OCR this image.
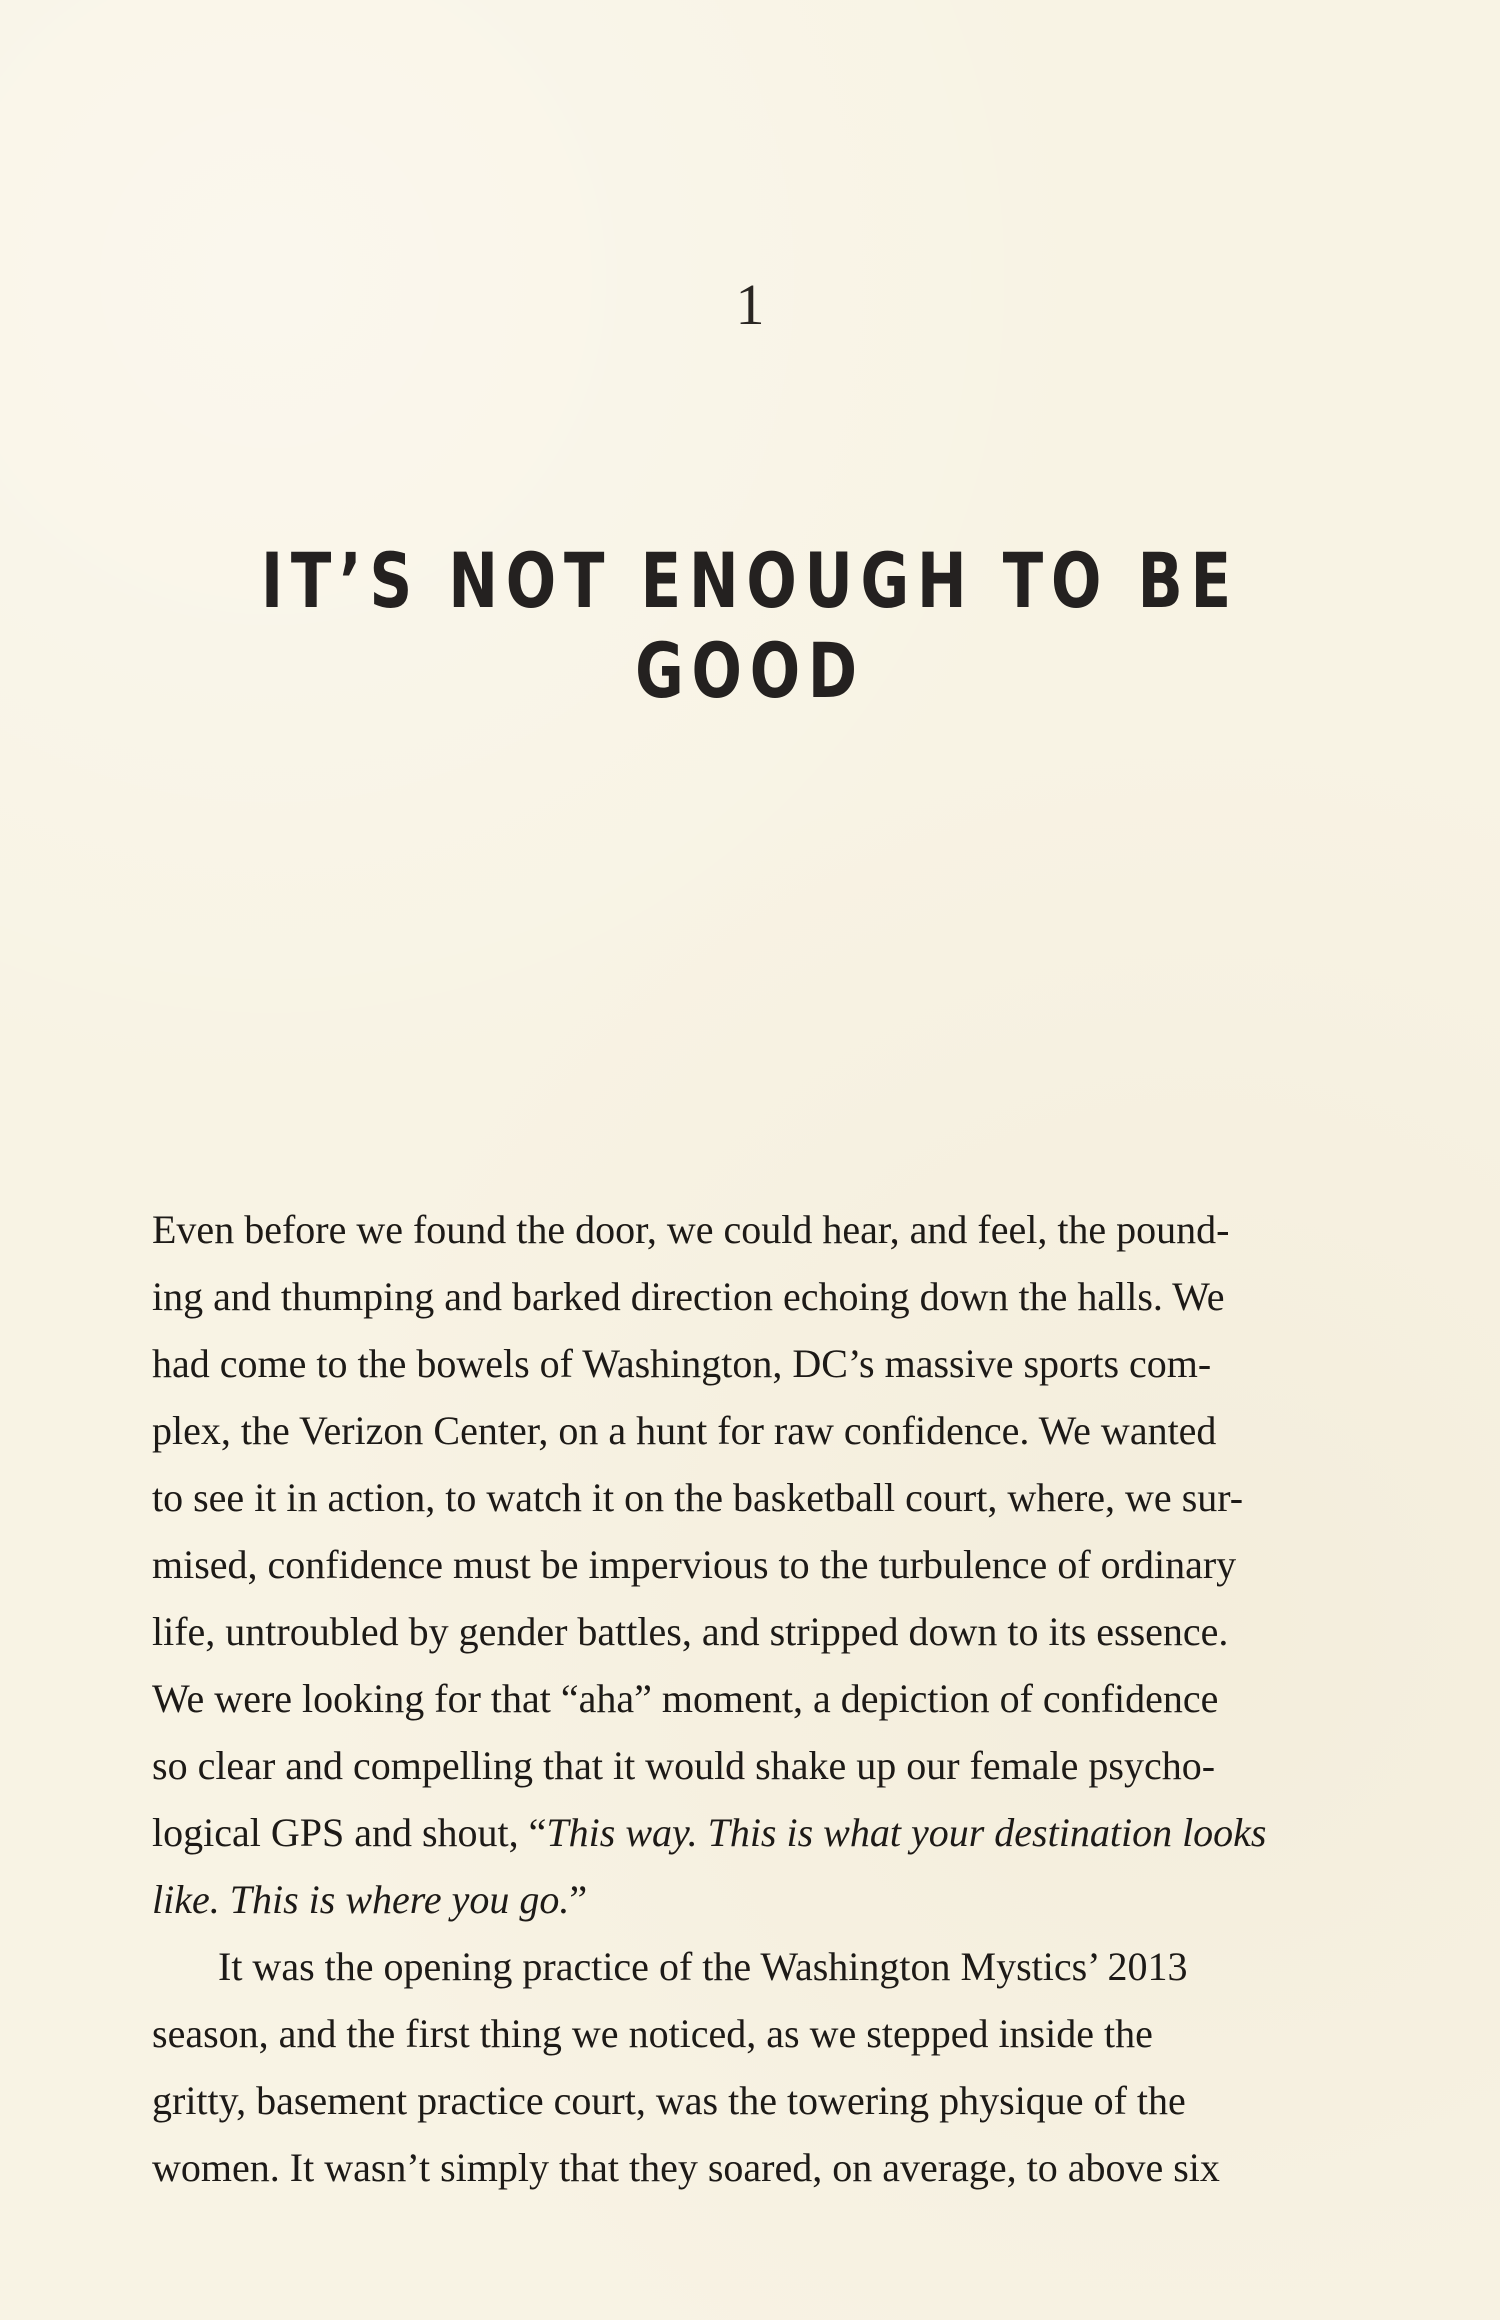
1
IT’S NOT ENOUGH TO BE GOOD
Even before we found the door, we could hear, and feel, the pound-
ing and thumping and barked direction echoing down the halls. We
had come to the bowels of Washington, DC’s massive sports com-
plex, the Verizon Center, on a hunt for raw confidence. We wanted
to see it in action, to watch it on the basketball court, where, we sur-
mised, confidence must be impervious to the turbulence of ordinary
life, untroubled by gender battles, and stripped down to its essence.
We were looking for that “aha” moment, a depiction of confidence
so clear and compelling that it would shake up our female psycho-
logical GPS and shout, “ This way. This is what your destination looks
like. This is where you go. ”
It was the opening practice of the Washington Mystics’ 2013
season, and the first thing we noticed, as we stepped inside the
gritty, basement practice court, was the towering physique of the
women. It wasn’t simply that they soared, on average, to above six
